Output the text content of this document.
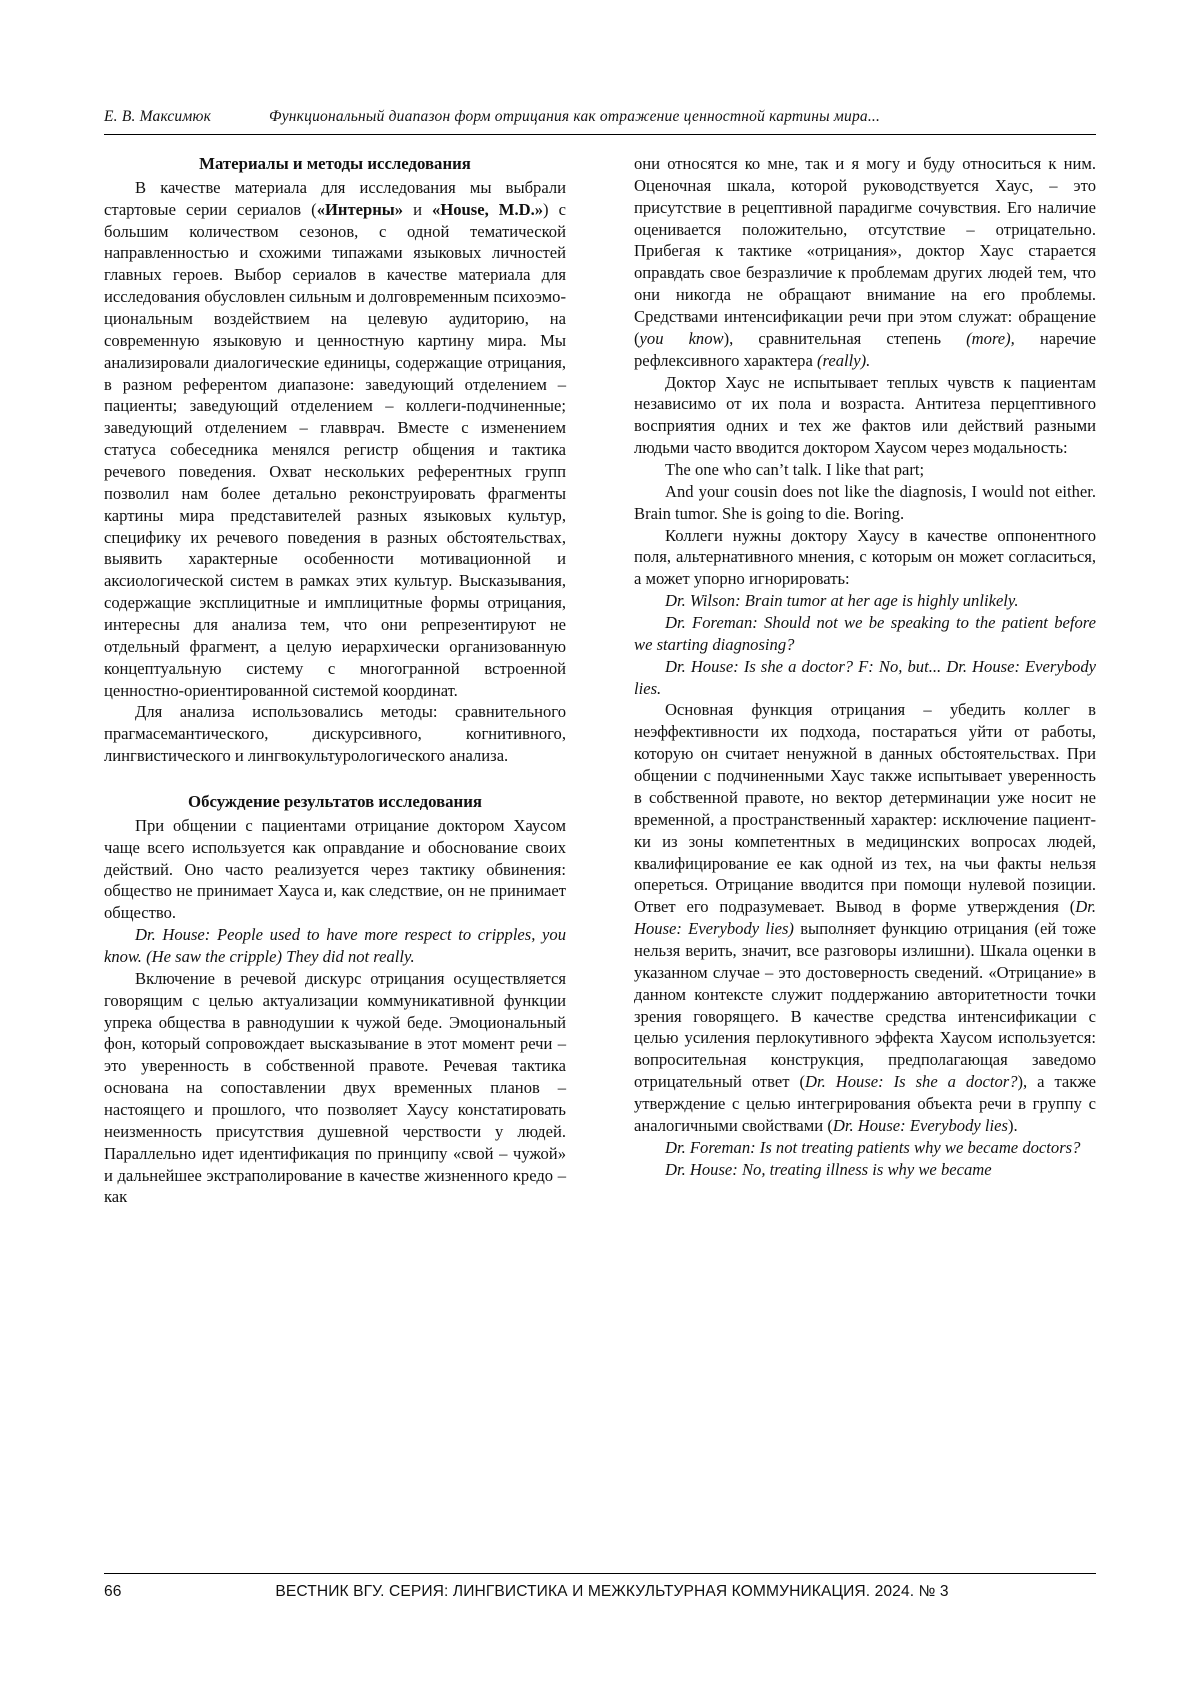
Е. В. Максимюк	Функциональный диапазон форм отрицания как отражение ценностной картины мира...
Материалы и методы исследования

В качестве материала для исследования мы выбрали стартовые серии сериалов («Интерны» и «House, M.D.») с большим количеством сезонов, с одной тематической направленностью и схожими типажами языковых личностей главных героев. Выбор сериалов в качестве материала для исследования обусловлен сильным и долговременным психоэмоциональным воздействием на целевую аудиторию, на современную языковую и ценностную картину мира. Мы анализировали диалогические единицы, содержащие отрицания, в разном референтом диапазоне: заведующий отделением – пациенты; заведующий отделением – коллеги-подчиненные; заведующий отделением – главврач. Вместе с изменением статуса собеседника менялся регистр общения и тактика речевого поведения. Охват нескольких референтных групп позволил нам более детально реконструировать фрагменты картины мира представителей разных языковых культур, специфику их речевого поведения в разных обстоятельствах, выявить характерные особенности мотивационной и аксиологической систем в рамках этих культур. Высказывания, содержащие эксплицитные и имплицитные формы отрицания, интересны для анализа тем, что они репрезентируют не отдельный фрагмент, а целую иерархически организованную концептуальную систему с многогранной встроенной ценностно-ориентированной системой координат.

Для анализа использовались методы: сравнительного прагмасемантического, дискурсивного, когнитивного, лингвистического и лингвокультурологического анализа.

Обсуждение результатов исследования

При общении с пациентами отрицание доктором Хаусом чаще всего используется как оправдание и обоснование своих действий. Оно часто реализуется через тактику обвинения: общество не принимает Хауса и, как следствие, он не принимает общество.

Dr. House: People used to have more respect to cripples, you know. (He saw the cripple) They did not really.

Включение в речевой дискурс отрицания осуществляется говорящим с целью актуализации коммуникативной функции упрека общества в равнодушии к чужой беде. Эмоциональный фон, который сопровождает высказывание в этот момент речи – это уверенность в собственной правоте. Речевая тактика основана на сопоставлении двух временных планов – настоящего и прошлого, что позволяет Хаусу констатировать неизменность присутствия душевной черствости у людей. Параллельно идет идентификация по принципу «свой – чужой» и дальнейшее экстраполирование в качестве жизненного кредо – как

они относятся ко мне, так и я могу и буду относиться к ним. Оценочная шкала, которой руководствуется Хаус, – это присутствие в рецептивной парадигме сочувствия. Его наличие оценивается положительно, отсутствие – отрицательно. Прибегая к тактике «отрицания», доктор Хаус старается оправдать свое безразличие к проблемам других людей тем, что они никогда не обращают внимание на его проблемы. Средствами интенсификации речи при этом служат: обращение (you know), сравнительная степень (more), наречие рефлексивного характера (really).

Доктор Хаус не испытывает теплых чувств к пациентам независимо от их пола и возраста. Антитеза перцептивного восприятия одних и тех же фактов или действий разными людьми часто вводится доктором Хаусом через модальность:

The one who can’t talk. I like that part;

And your cousin does not like the diagnosis, I would not either. Brain tumor. She is going to die. Boring.

Коллеги нужны доктору Хаусу в качестве оппонентного поля, альтернативного мнения, с которым он может согласиться, а может упорно игнорировать:

Dr. Wilson: Brain tumor at her age is highly unlikely.

Dr. Foreman: Should not we be speaking to the patient before we starting diagnosing?

Dr. House: Is she a doctor? F: No, but... Dr. House: Everybody lies.

Основная функция отрицания – убедить коллег в неэффективности их подхода, постараться уйти от работы, которую он считает ненужной в данных обстоятельствах. При общении с подчиненными Хаус также испытывает уверенность в собственной правоте, но вектор детерминации уже носит не временной, а пространственный характер: исключение пациентки из зоны компетентных в медицинских вопросах людей, квалифицирование ее как одной из тех, на чьи факты нельзя опереться. Отрицание вводится при помощи нулевой позиции. Ответ его подразумевает. Вывод в форме утверждения (Dr. House: Everybody lies) выполняет функцию отрицания (ей тоже нельзя верить, значит, все разговоры излишни). Шкала оценки в указанном случае – это достоверность сведений. «Отрицание» в данном контексте служит поддержанию авторитетности точки зрения говорящего. В качестве средства интенсификации с целью усиления перлокутивного эффекта Хаусом используется: вопросительная конструкция, предполагающая заведомо отрицательный ответ (Dr. House: Is she a doctor?), а также утверждение с целью интегрирования объекта речи в группу с аналогичными свойствами (Dr. House: Everybody lies).

Dr. Foreman: Is not treating patients why we became doctors?

Dr. House: No, treating illness is why we became

66	ВЕСТНИК ВГУ. СЕРИЯ: ЛИНГВИСТИКА И МЕЖКУЛЬТУРНАЯ КОММУНИКАЦИЯ. 2024. № 3
